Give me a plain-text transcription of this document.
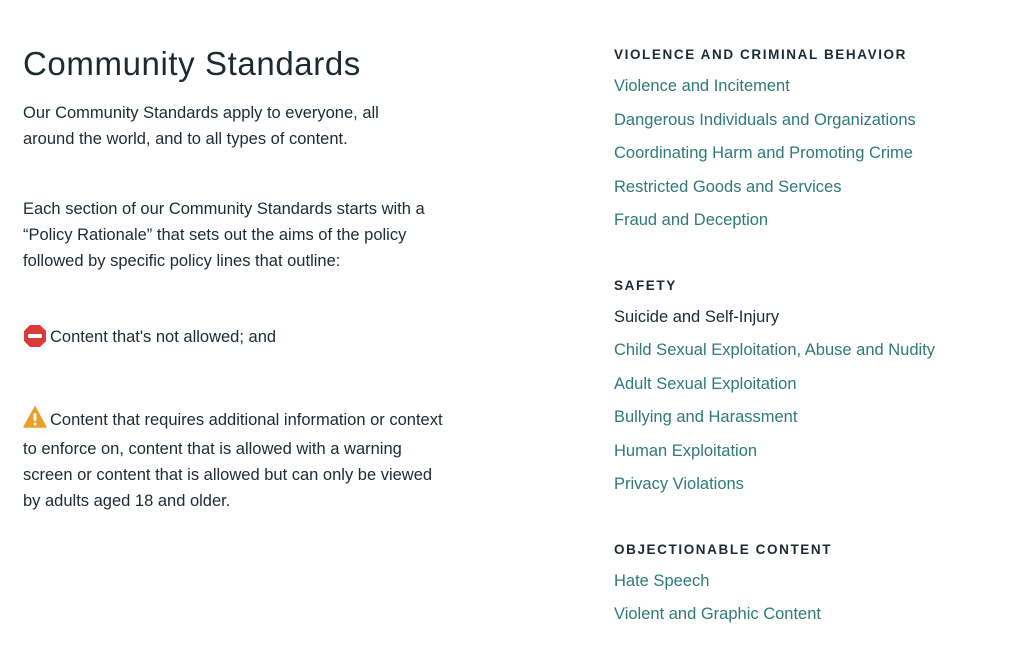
Community Standards

Our Community Standards apply to everyone, all around the world, and to all types of content.

Each section of our Community Standards starts with a “Policy Rationale” that sets out the aims of the policy followed by specific policy lines that outline:

Content that's not allowed; and

Content that requires additional information or context to enforce on, content that is allowed with a warning screen or content that is allowed but can only be viewed by adults aged 18 and older.

VIOLENCE AND CRIMINAL BEHAVIOR
Violence and Incitement
Dangerous Individuals and Organizations
Coordinating Harm and Promoting Crime
Restricted Goods and Services
Fraud and Deception
SAFETY
Suicide and Self-Injury
Child Sexual Exploitation, Abuse and Nudity
Adult Sexual Exploitation
Bullying and Harassment
Human Exploitation
Privacy Violations
OBJECTIONABLE CONTENT
Hate Speech
Violent and Graphic Content
